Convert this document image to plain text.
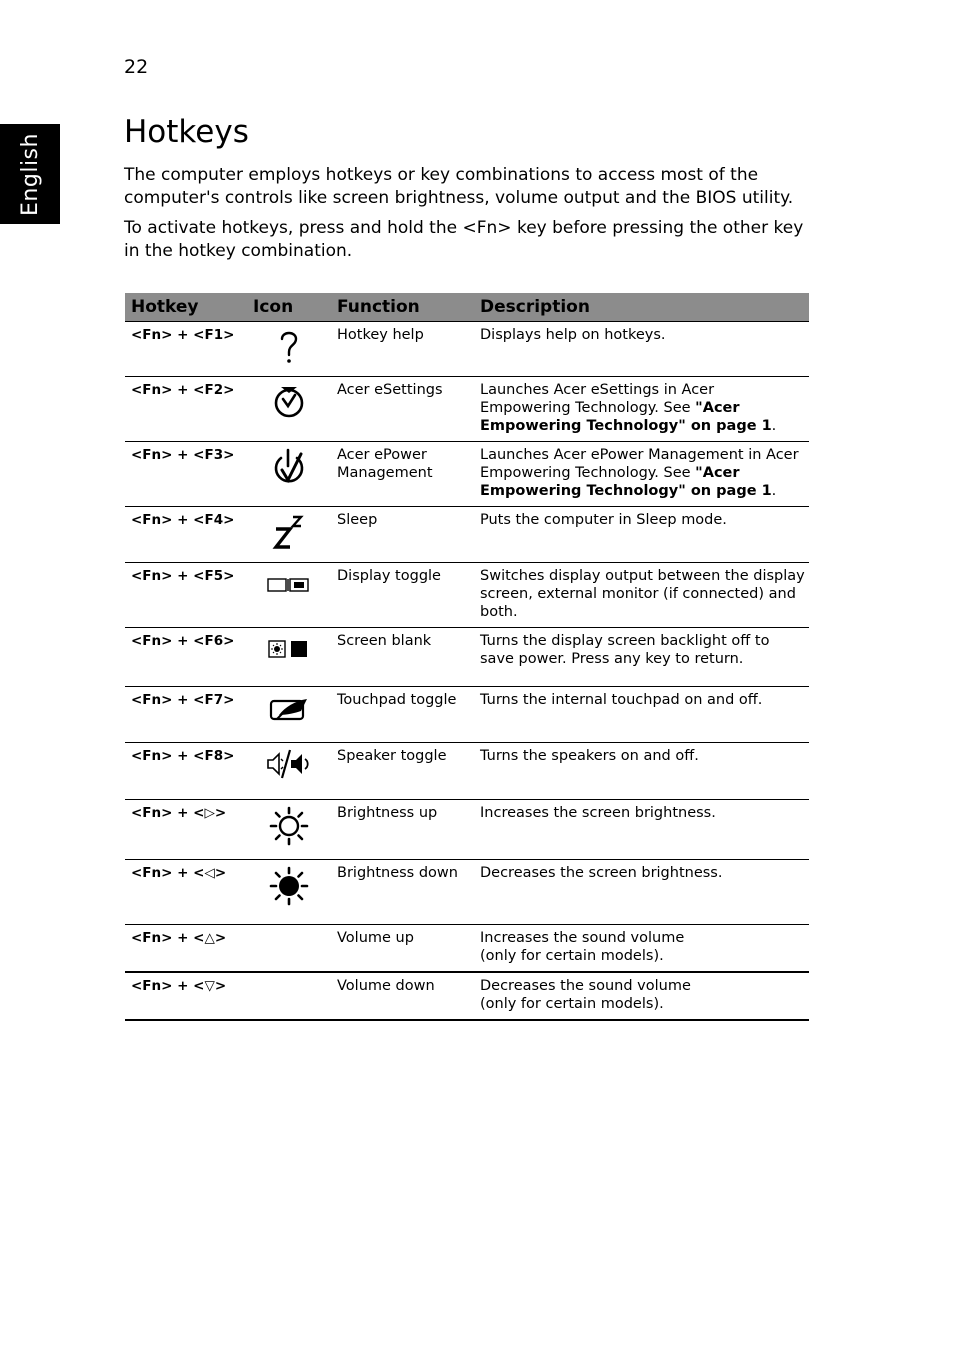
22
English
Hotkeys

The computer employs hotkeys or key combinations to access most of the computer's controls like screen brightness, volume output and the BIOS utility.

To activate hotkeys, press and hold the <Fn> key before pressing the other key in the hotkey combination.

Hotkey	Icon	Function	Description
<Fn> + <F1>		Hotkey help	Displays help on hotkeys.
<Fn> + <F2>		Acer eSettings	Launches Acer eSettings in Acer Empowering Technology. See "Acer Empowering Technology" on page 1.
<Fn> + <F3>		Acer ePower Management	Launches Acer ePower Management in Acer Empowering Technology. See "Acer Empowering Technology" on page 1.
<Fn> + <F4>		Sleep	Puts the computer in Sleep mode.
<Fn> + <F5>		Display toggle	Switches display output between the display screen, external monitor (if connected) and both.
<Fn> + <F6>		Screen blank	Turns the display screen backlight off to save power. Press any key to return.
<Fn> + <F7>		Touchpad toggle	Turns the internal touchpad on and off.
<Fn> + <F8>		Speaker toggle	Turns the speakers on and off.
<Fn> + <▷>		Brightness up	Increases the screen brightness.
<Fn> + <◁>		Brightness down	Decreases the screen brightness.
<Fn> + <△>		Volume up	Increases the sound volume
(only for certain models).
<Fn> + <▽>		Volume down	Decreases the sound volume
(only for certain models).
